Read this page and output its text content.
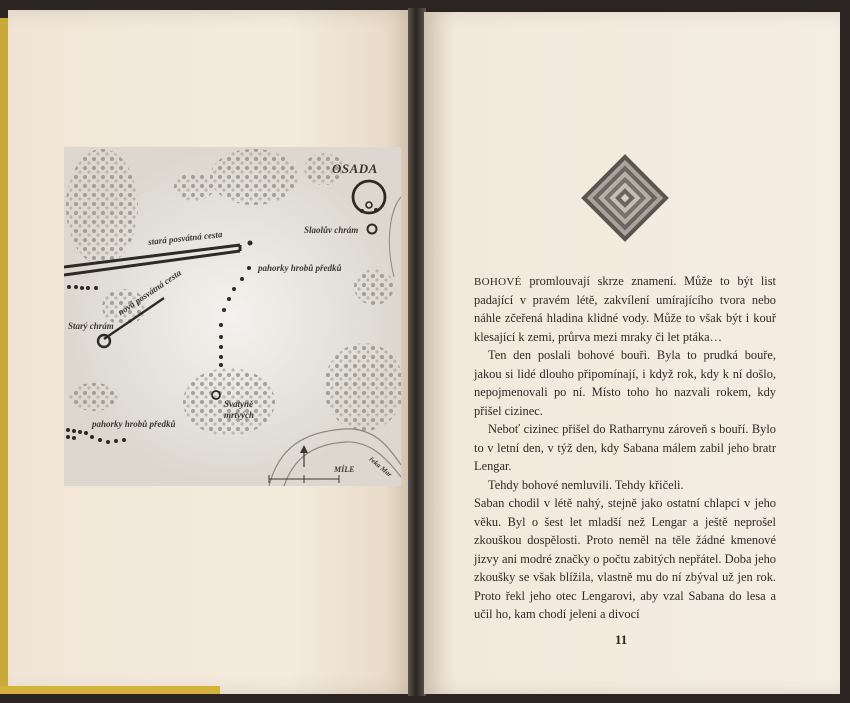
OSADA
Slaolův chrám
stará posvátná cesta
pahorky hrobů předků
nová posvátná cesta
Starý chrám
Svatyně
mrtvých
pahorky hrobů předků
MÍLE řeka Mar

bohové promlouvají skrze znamení. Může to být list padající v pravém létě, zakvílení umírajícího tvora nebo náhle zčeřená hladina klidné vody. Může to však být i kouř klesající k zemi, průrva mezi mraky či let ptáka…

Ten den poslali bohové bouři. Byla to prudká bouře, jakou si lidé dlouho připomínají, i když rok, kdy k ní došlo, nepojmenovali po ní. Místo toho ho nazvali rokem, kdy přišel cizinec.

Neboť cizinec přišel do Ratharrynu zároveň s bouří. Bylo to v letní den, v týž den, kdy Sabana málem zabil jeho bratr Lengar.

Tehdy bohové nemluvili. Tehdy křičeli.

Saban chodil v létě nahý, stejně jako ostatní chlapci v jeho věku. Byl o šest let mladší než Lengar a ještě neprošel zkouškou dospělosti. Proto neměl na těle žádné kmenové jizvy ani modré značky o počtu zabitých nepřátel. Doba jeho zkoušky se však blížila, vlastně mu do ní zbýval už jen rok. Proto řekl jeho otec Lengarovi, aby vzal Sabana do lesa a učil ho, kam chodí jeleni a divocí

11
